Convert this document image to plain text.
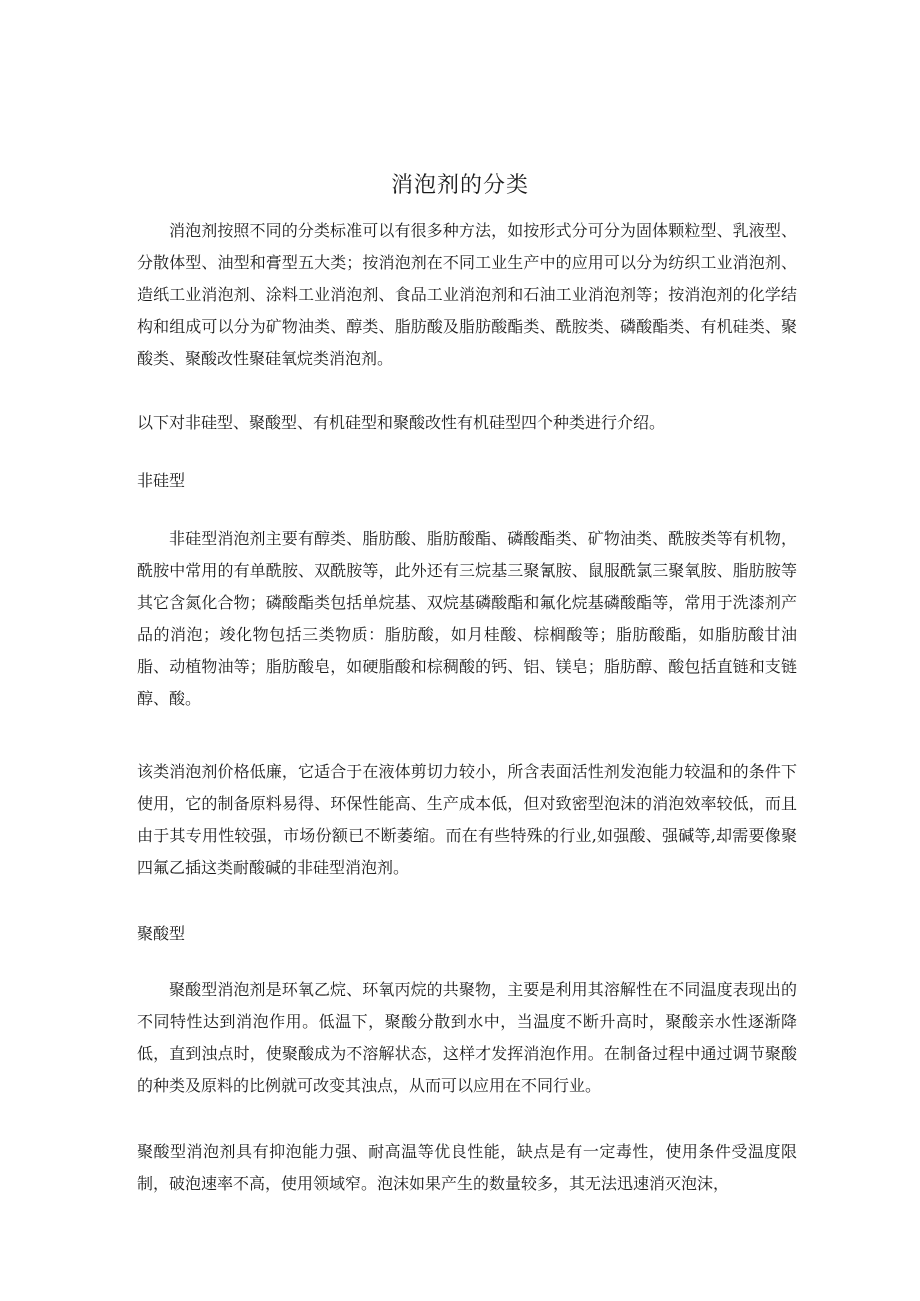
消泡剂的分类

消泡剂按照不同的分类标准可以有很多种方法，如按形式分可分为固体颗粒型、乳液型、分散体型、油型和膏型五大类；按消泡剂在不同工业生产中的应用可以分为纺织工业消泡剂、造纸工业消泡剂、涂料工业消泡剂、食品工业消泡剂和石油工业消泡剂等；按消泡剂的化学结构和组成可以分为矿物油类、醇类、脂肪酸及脂肪酸酯类、酰胺类、磷酸酯类、有机硅类、聚酸类、聚酸改性聚硅氧烷类消泡剂。

以下对非硅型、聚酸型、有机硅型和聚酸改性有机硅型四个种类进行介绍。

非硅型

非硅型消泡剂主要有醇类、脂肪酸、脂肪酸酯、磷酸酯类、矿物油类、酰胺类等有机物，酰胺中常用的有单酰胺、双酰胺等，此外还有三烷基三聚氰胺、鼠服酰氯三聚氧胺、脂肪胺等其它含氮化合物；磷酸酯类包括单烷基、双烷基磷酸酯和氟化烷基磷酸酯等，常用于洗漆剂产品的消泡；竣化物包括三类物质：脂肪酸，如月桂酸、棕榈酸等；脂肪酸酯，如脂肪酸甘油脂、动植物油等；脂肪酸皂，如硬脂酸和棕稠酸的钙、铝、镁皂；脂肪醇、酸包括直链和支链醇、酸。

该类消泡剂价格低廉，它适合于在液体剪切力较小，所含表面活性剂发泡能力较温和的条件下使用，它的制备原料易得、环保性能高、生产成本低，但对致密型泡沫的消泡效率较低，而且由于其专用性较强，市场份额已不断萎缩。而在有些特殊的行业,如强酸、强碱等,却需要像聚四氟乙插这类耐酸碱的非硅型消泡剂。

聚酸型

聚酸型消泡剂是环氧乙烷、环氧丙烷的共聚物，主要是利用其溶解性在不同温度表现出的不同特性达到消泡作用。低温下，聚酸分散到水中，当温度不断升高时，聚酸亲水性逐渐降低，直到浊点时，使聚酸成为不溶解状态，这样才发挥消泡作用。在制备过程中通过调节聚酸的种类及原料的比例就可改变其浊点，从而可以应用在不同行业。

聚酸型消泡剂具有抑泡能力强、耐高温等优良性能，缺点是有一定毒性，使用条件受温度限制，破泡速率不高，使用领域窄。泡沫如果产生的数量较多，其无法迅速消灭泡沫，
